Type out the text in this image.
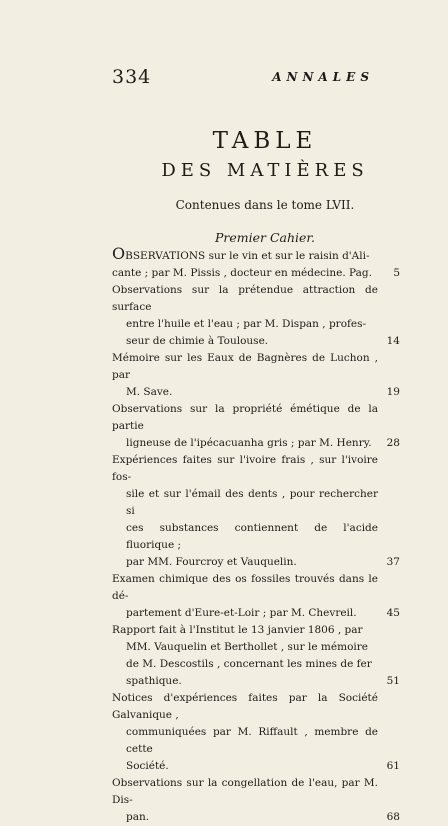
334	ANNALES
TABLE
DES MATIÈRES
Contenues dans le tome LVII.
Premier Cahier.

OBSERVATIONS sur le vin et sur le raisin d'Ali-
cante ; par M. Pissis , docteur en médecine. Pag.	5

Observations sur la prétendue attraction de surface
entre l'huile et l'eau ; par M. Dispan , profes-
seur de chimie à Toulouse.	14

Mémoire sur les Eaux de Bagnères de Luchon , par
M. Save.	19

Observations sur la propriété émétique de la partie
ligneuse de l'ipécacuanha gris ; par M. Henry.	28

Expériences faites sur l'ivoire frais , sur l'ivoire fos-
sile et sur l'émail des dents , pour rechercher si
ces substances contiennent de l'acide fluorique ;
par MM. Fourcroy et Vauquelin.	37

Examen chimique des os fossiles trouvés dans le dé-
partement d'Eure-et-Loir ; par M. Chevreil.	45

Rapport fait à l'Institut le 13 janvier 1806 , par
MM. Vauquelin et Berthollet , sur le mémoire
de M. Descostils , concernant les mines de fer
spathique.	51

Notices d'expériences faites par la Société Galvanique ,
communiquées par M. Riffault , membre de cette
Société.	61

Observations sur la congellation de l'eau, par M. Dis-
pan.	68
